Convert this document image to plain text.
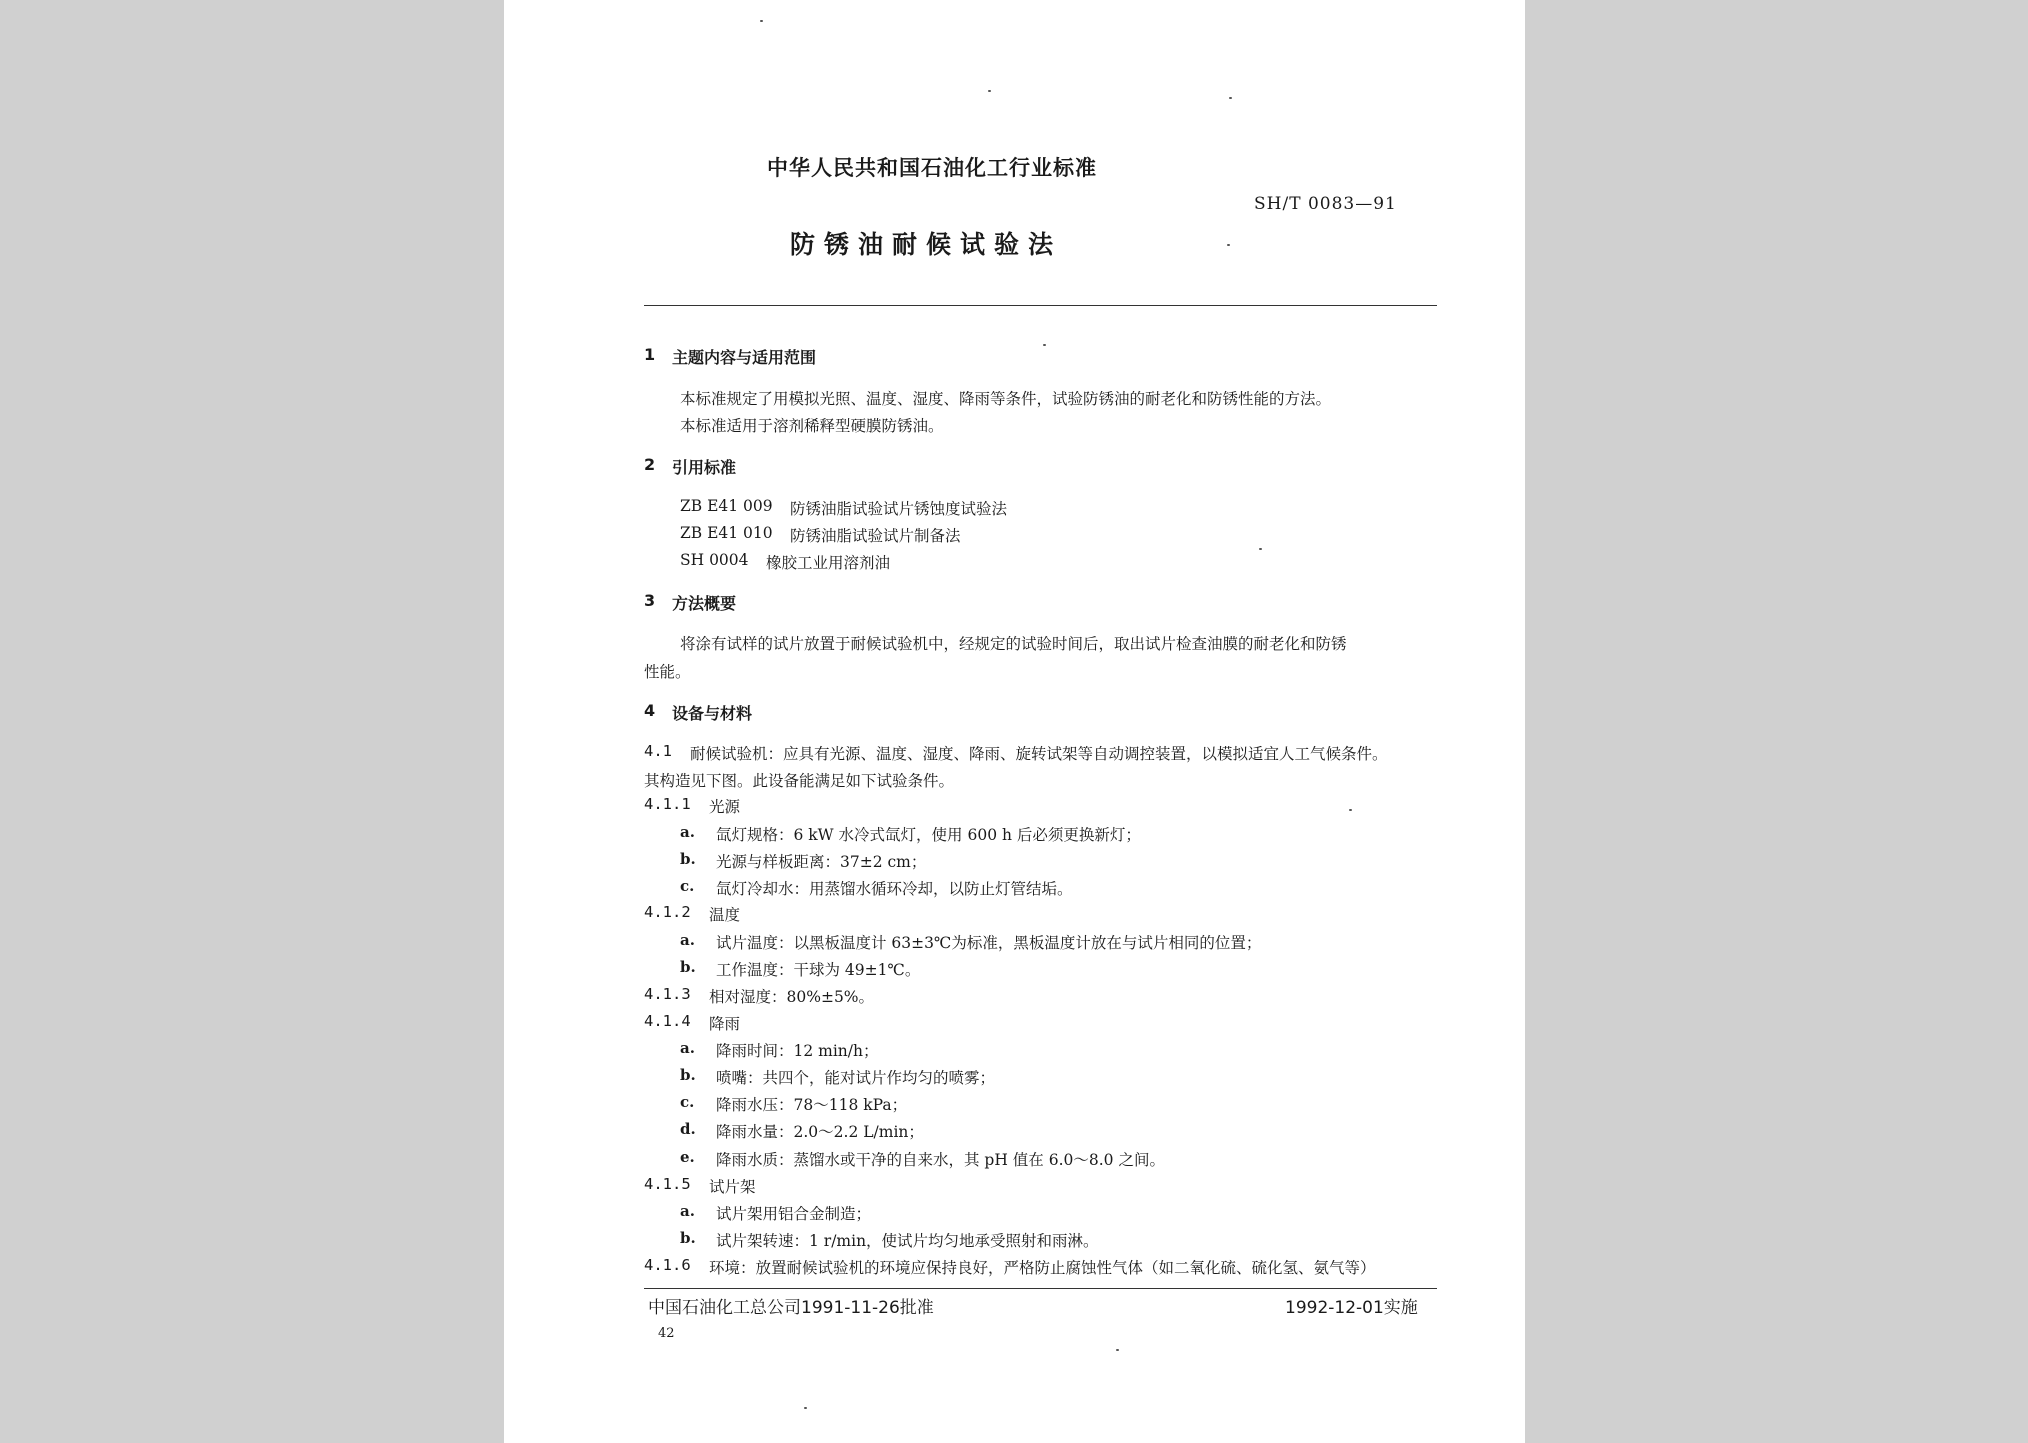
中华人民共和国石油化工行业标准
SH/T 0083—91
防锈油耐候试验法
1 主题内容与适用范围
本标准规定了用模拟光照、温度、湿度、降雨等条件，试验防锈油的耐老化和防锈性能的方法。
本标准适用于溶剂稀释型硬膜防锈油。
2 引用标准
ZB E41 009 防锈油脂试验试片锈蚀度试验法
ZB E41 010 防锈油脂试验试片制备法
SH 0004 橡胶工业用溶剂油
3 方法概要
将涂有试样的试片放置于耐候试验机中，经规定的试验时间后，取出试片检查油膜的耐老化和防锈
性能。
4 设备与材料
4.1 耐候试验机：应具有光源、温度、湿度、降雨、旋转试架等自动调控装置，以模拟适宜人工气候条件。
其构造见下图。此设备能满足如下试验条件。
4.1.1 光源
a. 氙灯规格：6 kW 水冷式氙灯，使用 600 h 后必须更换新灯；
b. 光源与样板距离：37±2 cm；
c. 氙灯冷却水：用蒸馏水循环冷却，以防止灯管结垢。
4.1.2 温度
a. 试片温度：以黑板温度计 63±3℃为标准，黑板温度计放在与试片相同的位置；
b. 工作温度：干球为 49±1℃。
4.1.3 相对湿度：80%±5%。
4.1.4 降雨
a. 降雨时间：12 min/h；
b. 喷嘴：共四个，能对试片作均匀的喷雾；
c. 降雨水压：78～118 kPa；
d. 降雨水量：2.0～2.2 L/min；
e. 降雨水质：蒸馏水或干净的自来水，其 pH 值在 6.0～8.0 之间。
4.1.5 试片架
a. 试片架用铝合金制造；
b. 试片架转速：1 r/min，使试片均匀地承受照射和雨淋。
4.1.6 环境：放置耐候试验机的环境应保持良好，严格防止腐蚀性气体（如二氧化硫、硫化氢、氨气等）
中国石油化工总公司1991-11-26批准	1992-12-01实施
42
